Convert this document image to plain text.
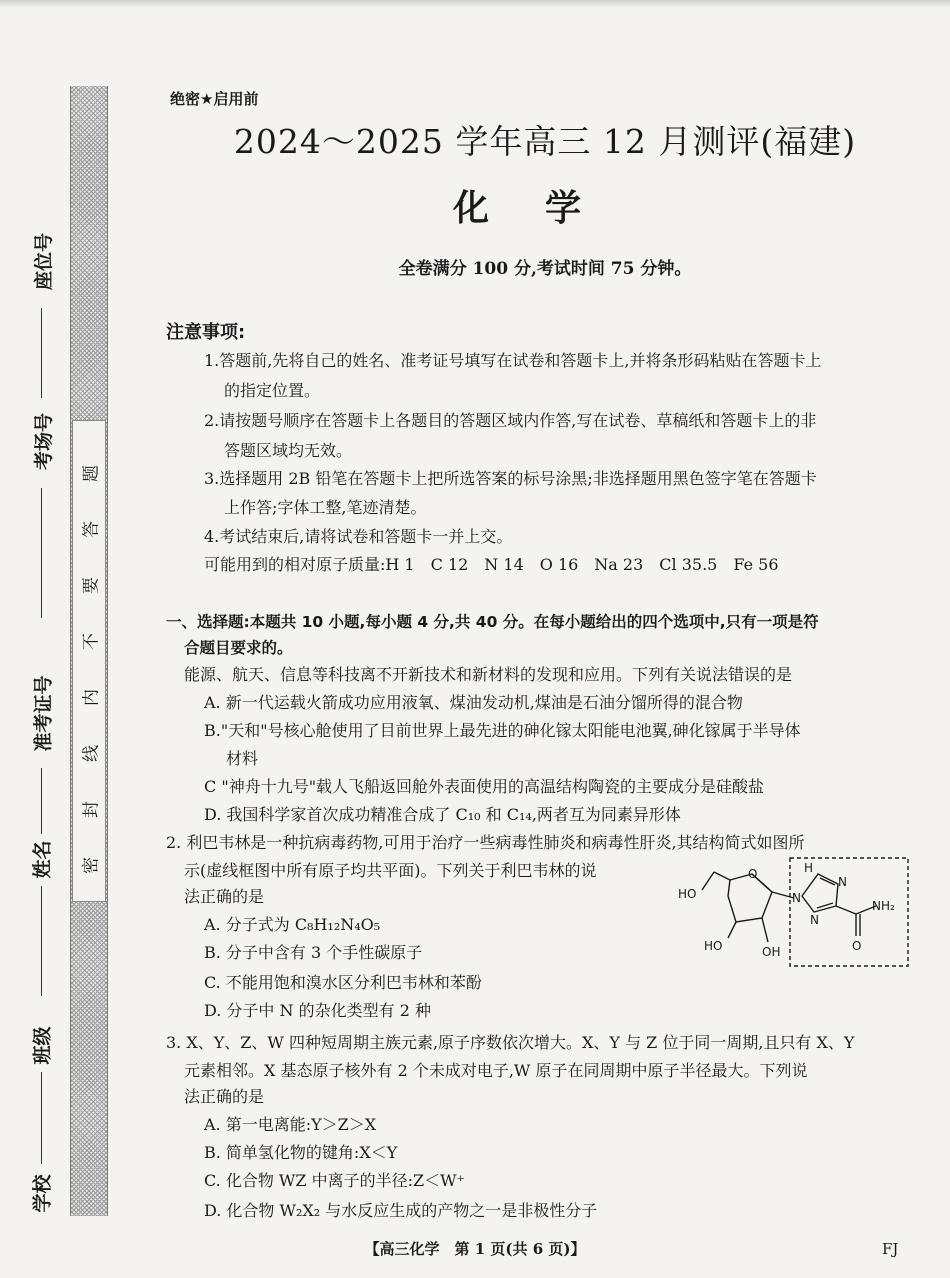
题
答
要
不
内
线
封
密
座位号
考场号
准考证号
姓名
班级
学校
绝密★启用前
2024～2025 学年高三 12 月测评(福建)
化学
全卷满分 100 分,考试时间 75 分钟。
注意事项:
1.答题前,先将自己的姓名、准考证号填写在试卷和答题卡上,并将条形码粘贴在答题卡上
的指定位置。
2.请按题号顺序在答题卡上各题目的答题区域内作答,写在试卷、草稿纸和答题卡上的非
答题区域均无效。
3.选择题用 2B 铅笔在答题卡上把所选答案的标号涂黑;非选择题用黑色签字笔在答题卡
上作答;字体工整,笔迹清楚。
4.考试结束后,请将试卷和答题卡一并上交。
可能用到的相对原子质量:H 1　C 12　N 14　O 16　Na 23　Cl 35.5　Fe 56
一、选择题:本题共 10 小题,每小题 4 分,共 40 分。在每小题给出的四个选项中,只有一项是符
合题目要求的。
能源、航天、信息等科技离不开新技术和新材料的发现和应用。下列有关说法错误的是
A. 新一代运载火箭成功应用液氧、煤油发动机,煤油是石油分馏所得的混合物
B."天和"号核心舱使用了目前世界上最先进的砷化镓太阳能电池翼,砷化镓属于半导体
材料
C "神舟十九号"载人飞船返回舱外表面使用的高温结构陶瓷的主要成分是硅酸盐
D. 我国科学家首次成功精准合成了 C₁₀ 和 C₁₄,两者互为同素异形体
2. 利巴韦林是一种抗病毒药物,可用于治疗一些病毒性肺炎和病毒性肝炎,其结构简式如图所
示(虚线框图中所有原子均共平面)。下列关于利巴韦林的说
法正确的是
A. 分子式为 C₈H₁₂N₄O₅
B. 分子中含有 3 个手性碳原子
C. 不能用饱和溴水区分利巴韦林和苯酚
D. 分子中 N 的杂化类型有 2 种
HO
HO	OH
O	H
N
N
N
NH₂
O
3. X、Y、Z、W 四种短周期主族元素,原子序数依次增大。X、Y 与 Z 位于同一周期,且只有 X、Y
元素相邻。X 基态原子核外有 2 个未成对电子,W 原子在同周期中原子半径最大。下列说
法正确的是
A. 第一电离能:Y＞Z＞X
B. 简单氢化物的键角:X＜Y
C. 化合物 WZ 中离子的半径:Z＜W⁺
D. 化合物 W₂X₂ 与水反应生成的产物之一是非极性分子
【高三化学　第 1 页(共 6 页)】	FJ
